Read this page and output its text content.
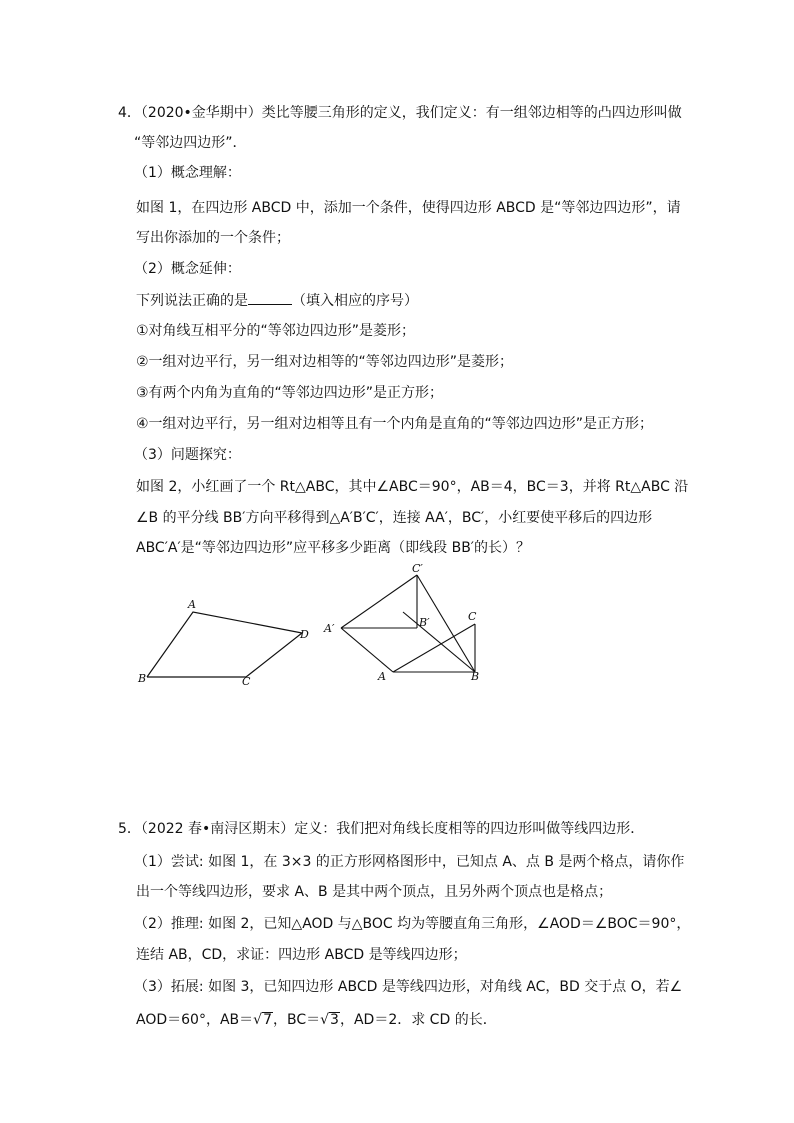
4．（2020•金华期中）类比等腰三角形的定义，我们定义：有一组邻边相等的凸四边形叫做
“等邻边四边形”．
（1）概念理解：
如图 1，在四边形 ABCD 中，添加一个条件，使得四边形 ABCD 是“等邻边四边形”，请
写出你添加的一个条件；
（2）概念延伸：
下列说法正确的是	（填入相应的序号）
①对角线互相平分的“等邻边四边形”是菱形；
②一组对边平行，另一组对边相等的“等邻边四边形”是菱形；
③有两个内角为直角的“等邻边四边形”是正方形；
④一组对边平行，另一组对边相等且有一个内角是直角的“等邻边四边形”是正方形；
（3）问题探究：
如图 2，小红画了一个 Rt△ABC，其中∠ABC＝90°，AB＝4，BC＝3，并将 Rt△ABC 沿
∠B 的平分线 BB′方向平移得到△A′B′C′，连接 AA′，BC′，小红要使平移后的四边形
ABC′A′是“等邻边四边形”应平移多少距离（即线段 BB′的长）？
A
B	C
D
C′
A′	B′
A	B
C
5．（2022 春•南浔区期末）定义：我们把对角线长度相等的四边形叫做等线四边形．
（1）尝试: 如图 1，在 3×3 的正方形网格图形中，已知点 A、点 B 是两个格点，请你作
出一个等线四边形，要求 A、B 是其中两个顶点，且另外两个顶点也是格点；
（2）推理: 如图 2，已知△AOD 与△BOC 均为等腰直角三角形，∠AOD＝∠BOC＝90°，
连结 AB，CD，求证：四边形 ABCD 是等线四边形；
（3）拓展: 如图 3，已知四边形 ABCD 是等线四边形，对角线 AC，BD 交于点 O，若∠
AOD＝60°，AB＝√7，BC＝√3，AD＝2．求 CD 的长．
